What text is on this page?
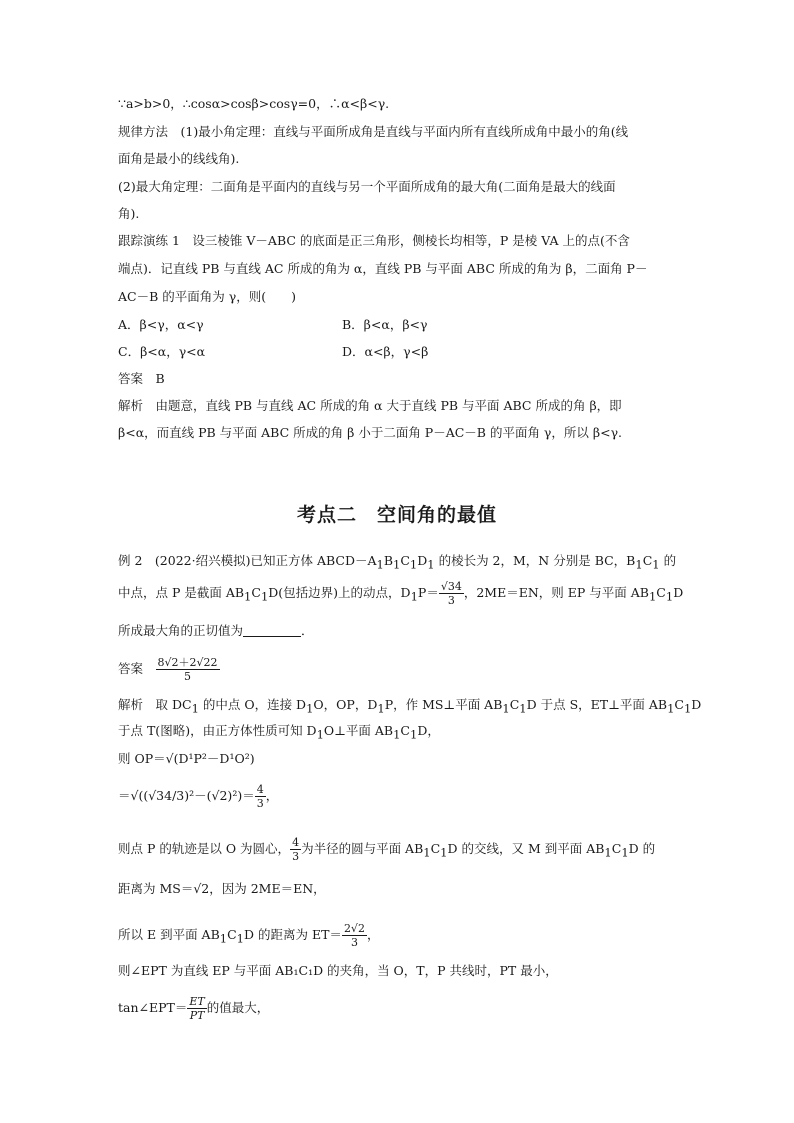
∵a>b>0，∴cosα>cosβ>cosγ=0，∴α<β<γ.
规律方法　 (1)最小角定理：直线与平面所成角是直线与平面内所有直线所成角中最小的角(线
面角是最小的线线角).
(2)最大角定理：二面角是平面内的直线与另一个平面所成角的最大角(二面角是最大的线面
角).
跟踪演练 1　设三棱锥 V－ABC 的底面是正三角形，侧棱长均相等，P 是棱 VA 上的点(不含
端点)．记直线 PB 与直线 AC 所成的角为 α，直线 PB 与平面 ABC 所成的角为 β，二面角 P－
AC－B 的平面角为 γ，则(　　)
A．β<γ，α<γ	B．β<α，β<γ
C．β<α，γ<α	D．α<β，γ<β
答案　B
解析　由题意，直线 PB 与直线 AC 所成的角 α 大于直线 PB 与平面 ABC 所成的角 β，即
β<α，而直线 PB 与平面 ABC 所成的角 β 小于二面角 P－AC－B 的平面角 γ，所以 β<γ.
考点二　空间角的最值
例 2　(2022·绍兴模拟)已知正方体 $ABCD-A_1B_1C_1D_1$ 的棱长为 2，M，N 分别是 BC，$B_1C_1$ 的
中点，点 P 是截面 $AB_1C_1D$(包括边界)上的动点，$D_1P= \frac{√34}{3}$ ，2ME＝EN，则 EP 与平面 $AB_1C_1D$
所成最大角的正切值为	．
答案　 $\frac{8√2+2√22}{5}$
解析　取 $DC_1$ 的中点 O，连接 $D_1O$，OP，$D_1P$，作 MS⊥平面 $AB_1C_1D$ 于点 S，ET⊥平面 $AB_1C_1D$
于点 T(图略)，由正方体性质可知 $D_1O\perp$平面 $AB_1C_1D$，
则 OP＝√(D¹P²－D¹O²)
$=√((√34/3)^2-(√2)^2)= \frac{4}{3}$ ，
则点 P 的轨迹是以 O 为圆心， $\frac{4}{3}$ 为半径的圆与平面 $AB_1C_1D$ 的交线，又 M 到平面 $AB_1C_1D$ 的
距离为 MS＝√2，因为 2ME＝EN，
所以 E 到平面 $AB_1C_1D$ 的距离为 $ET= \frac{2√2}{3}$ ，
则∠EPT 为直线 EP 与平面 AB₁C₁D 的夹角，当 O，T，P 共线时，PT 最小，
tan∠EPT＝ $\frac{ET}{PT}$ 的值最大，
